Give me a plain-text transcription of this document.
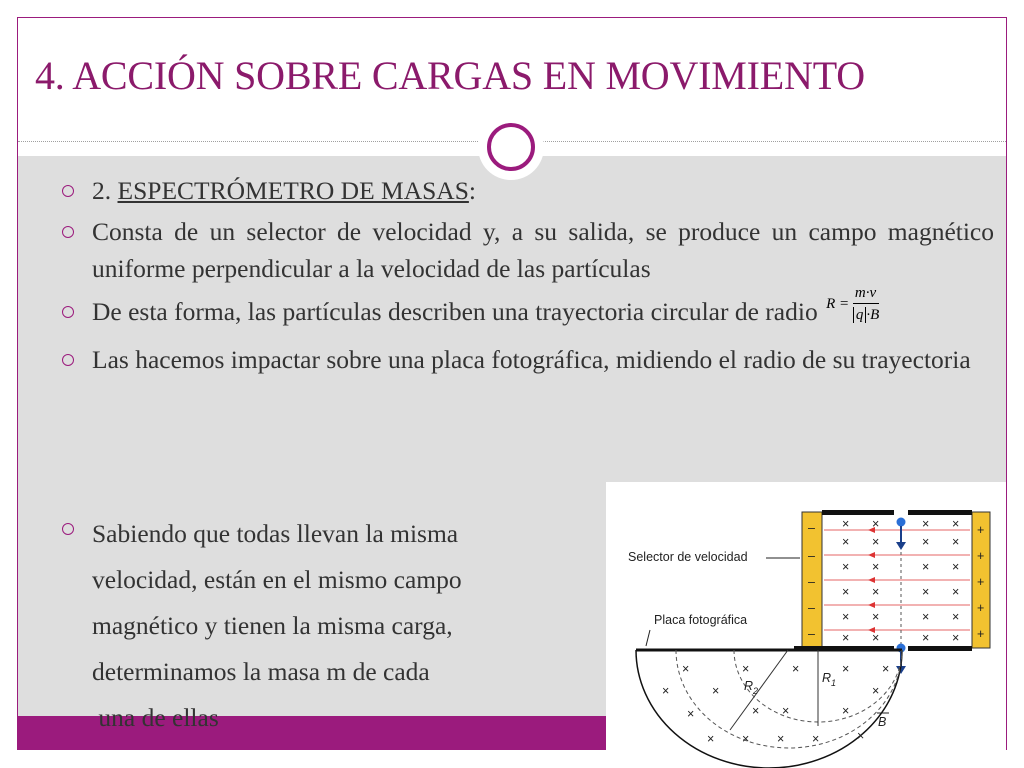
4. ACCIÓN SOBRE CARGAS EN MOVIMIENTO
2. ESPECTRÓMETRO DE MASAS:
Consta de un selector de velocidad y, a su salida, se produce un campo magnético uniforme perpendicular a la velocidad de las partículas
De esta forma, las partículas describen una trayectoria circular de radio $R = \frac{m\cdot v}{q \cdot B}$
Las hacemos impactar sobre una placa fotográfica, midiendo el radio de su trayectoria
Sabiendo que todas llevan la misma
velocidad, están en el mismo campo
magnético y tienen la misma carga,
determinamos la masa m de cada
una de ellas
× ×	× ×
× ×	× ×
× ×	× ×
× ×	× ×
× ×	× ×
× ×	× ×
–
–
–
–
–
+
+
+
+
+
×	×	×	×	×
×	×	×
×	× ×	×
× × × ×	×
Selector de velocidad
Placa fotográfica
$R_2$
$R_1$
B
